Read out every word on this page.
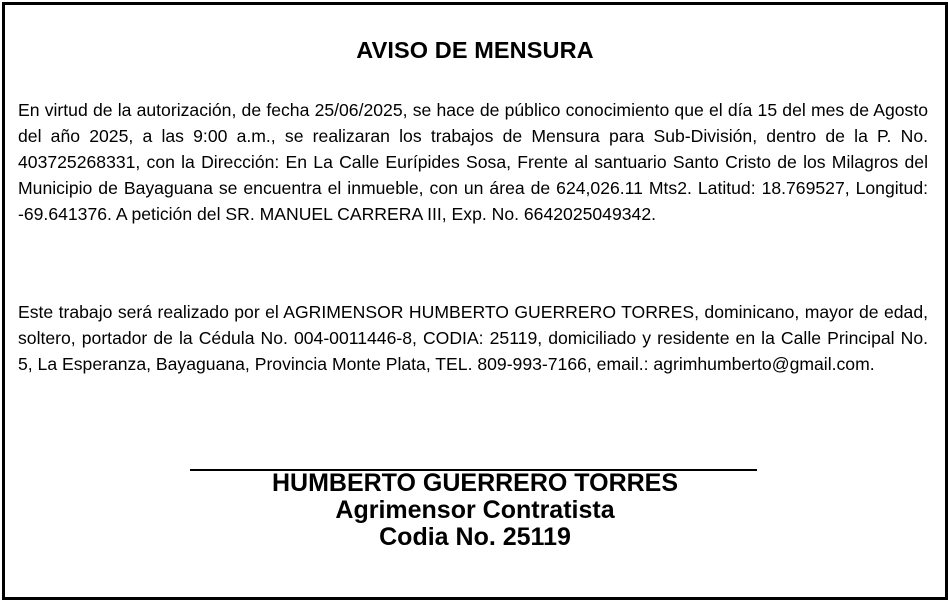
AVISO DE MENSURA

En virtud de la autorización, de fecha 25/06/2025, se hace de público conocimiento que el día 15 del mes de Agosto del año 2025, a las 9:00 a.m., se realizaran los trabajos de Mensura para Sub-División, dentro de la P. No. 403725268331, con la Dirección: En La Calle Eurípides Sosa, Frente al santuario Santo Cristo de los Milagros del Municipio de Bayaguana se encuentra el inmueble, con un área de 624,026.11 Mts2. Latitud: 18.769527, Longitud: -69.641376. A petición del SR. MANUEL CARRERA III, Exp. No. 6642025049342.

Este trabajo será realizado por el AGRIMENSOR HUMBERTO GUERRERO TORRES, dominicano, mayor de edad, soltero, portador de la Cédula No. 004-0011446-8, CODIA: 25119, domiciliado y residente en la Calle Principal No. 5, La Esperanza, Bayaguana, Provincia Monte Plata, TEL. 809-993-7166, email.: agrimhumberto@gmail.com.

HUMBERTO GUERRERO TORRES
Agrimensor Contratista
Codia No. 25119
